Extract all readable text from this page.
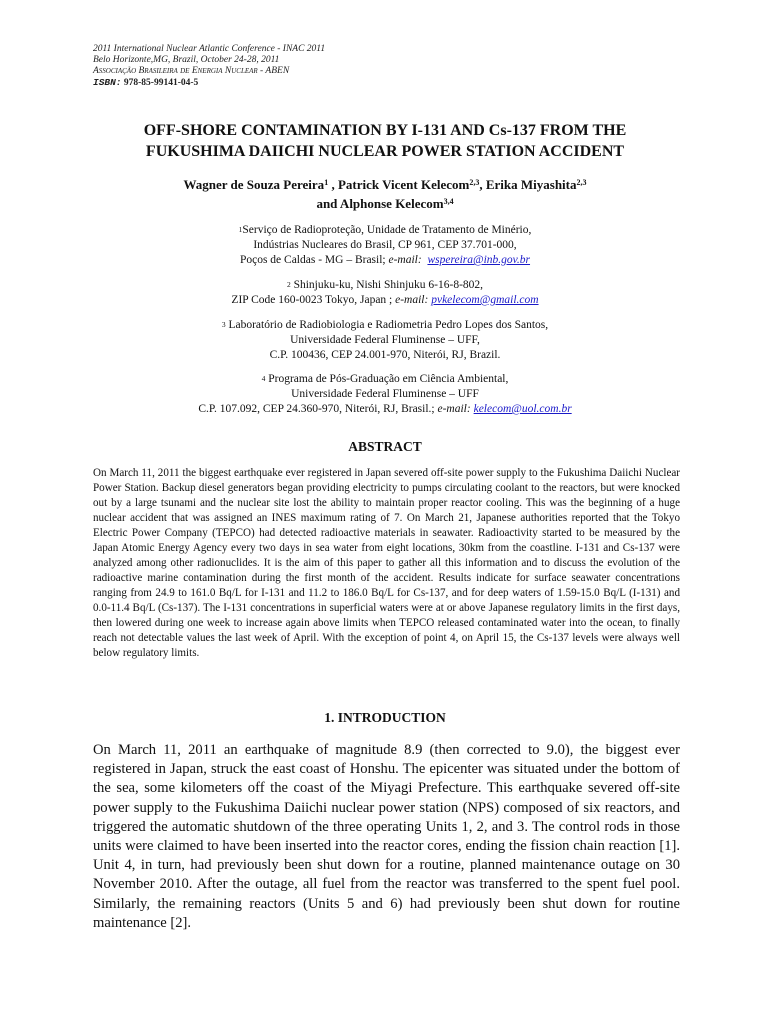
2011 International Nuclear Atlantic Conference - INAC 2011
Belo Horizonte,MG, Brazil, October 24-28, 2011
Associação Brasileira de Energia Nuclear - ABEN
ISBN: 978-85-99141-04-5
OFF-SHORE CONTAMINATION BY I-131 AND Cs-137 FROM THE
FUKUSHIMA DAIICHI NUCLEAR POWER STATION ACCIDENT
Wagner de Souza Pereira$^1$ , Patrick Vicent Kelecom$^{2,3}$, Erika Miyashita$^{2,3}$
and Alphonse Kelecom$^{3,4}$
$^1$Serviço de Radioproteção, Unidade de Tratamento de Minério,
Indústrias Nucleares do Brasil, CP 961, CEP 37.701-000,
Poços de Caldas - MG – Brasil; e-mail: wspereira@inb.gov.br
$^2$ Shinjuku-ku, Nishi Shinjuku 6-16-8-802,
ZIP Code 160-0023 Tokyo, Japan ; e-mail: pvkelecom@gmail.com
$^3$ Laboratório de Radiobiologia e Radiometria Pedro Lopes dos Santos,
Universidade Federal Fluminense – UFF,
C.P. 100436, CEP 24.001-970, Niterói, RJ, Brazil.
$^4$ Programa de Pós-Graduação em Ciência Ambiental,
Universidade Federal Fluminense – UFF
C.P. 107.092, CEP 24.360-970, Niterói, RJ, Brasil.; e-mail: kelecom@uol.com.br
ABSTRACT
On March 11, 2011 the biggest earthquake ever registered in Japan severed off-site power supply to the Fukushima Daiichi Nuclear Power Station. Backup diesel generators began providing electricity to pumps circulating coolant to the reactors, but were knocked out by a large tsunami and the nuclear site lost the ability to maintain proper reactor cooling. This was the beginning of a huge nuclear accident that was assigned an INES maximum rating of 7. On March 21, Japanese authorities reported that the Tokyo Electric Power Company (TEPCO) had detected radioactive materials in seawater. Radioactivity started to be measured by the Japan Atomic Energy Agency every two days in sea water from eight locations, 30km from the coastline. I-131 and Cs-137 were analyzed among other radionuclides. It is the aim of this paper to gather all this information and to discuss the evolution of the radioactive marine contamination during the first month of the accident. Results indicate for surface seawater concentrations ranging from 24.9 to 161.0 Bq/L for I-131 and 11.2 to 186.0 Bq/L for Cs-137, and for deep waters of 1.59-15.0 Bq/L (I-131) and 0.0-11.4 Bq/L (Cs-137). The I-131 concentrations in superficial waters were at or above Japanese regulatory limits in the first days, then lowered during one week to increase again above limits when TEPCO released contaminated water into the ocean, to finally reach not detectable values the last week of April. With the exception of point 4, on April 15, the Cs-137 levels were always well below regulatory limits.
1. INTRODUCTION
On March 11, 2011 an earthquake of magnitude 8.9 (then corrected to 9.0), the biggest ever registered in Japan, struck the east coast of Honshu. The epicenter was situated under the bottom of the sea, some kilometers off the coast of the Miyagi Prefecture. This earthquake severed off-site power supply to the Fukushima Daiichi nuclear power station (NPS) composed of six reactors, and triggered the automatic shutdown of the three operating Units 1, 2, and 3. The control rods in those units were claimed to have been inserted into the reactor cores, ending the fission chain reaction [1]. Unit 4, in turn, had previously been shut down for a routine, planned maintenance outage on 30 November 2010. After the outage, all fuel from the reactor was transferred to the spent fuel pool. Similarly, the remaining reactors (Units 5 and 6) had previously been shut down for routine maintenance [2].
